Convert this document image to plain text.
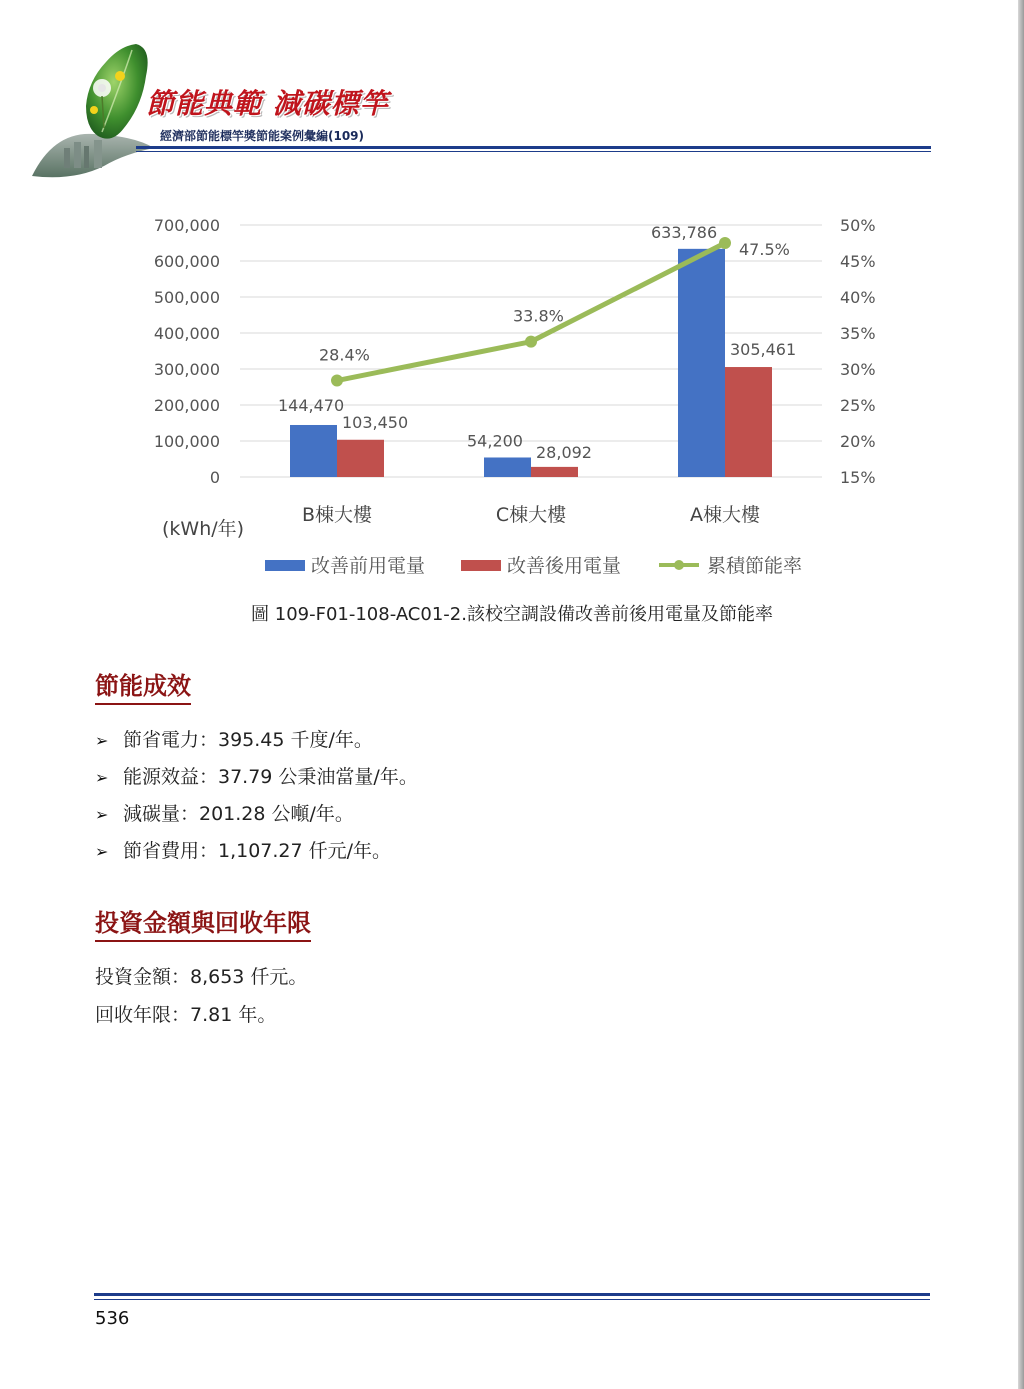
節能典範 減碳標竿
經濟部節能標竿獎節能案例彙編(109)
0
100,000
200,000
300,000
400,000
500,000
600,000
700,000
15%
20%
25%
30%
35%
40%
45%
50%
144,470
103,450
B棟大樓
54,200
28,092
C棟大樓
633,786
305,461
A棟大樓
28.4%
33.8%
47.5%
(kWh/年)
改善前用電量	改善後用電量	累積節能率
圖 109-F01-108-AC01-2.該校空調設備改善前後用電量及節能率
節能成效
➢ 節省電力：395.45 千度/年。
➢ 能源效益：37.79 公秉油當量/年。
➢ 減碳量：201.28 公噸/年。
➢ 節省費用：1,107.27 仟元/年。
投資金額與回收年限
投資金額：8,653 仟元。
回收年限：7.81 年。
536
